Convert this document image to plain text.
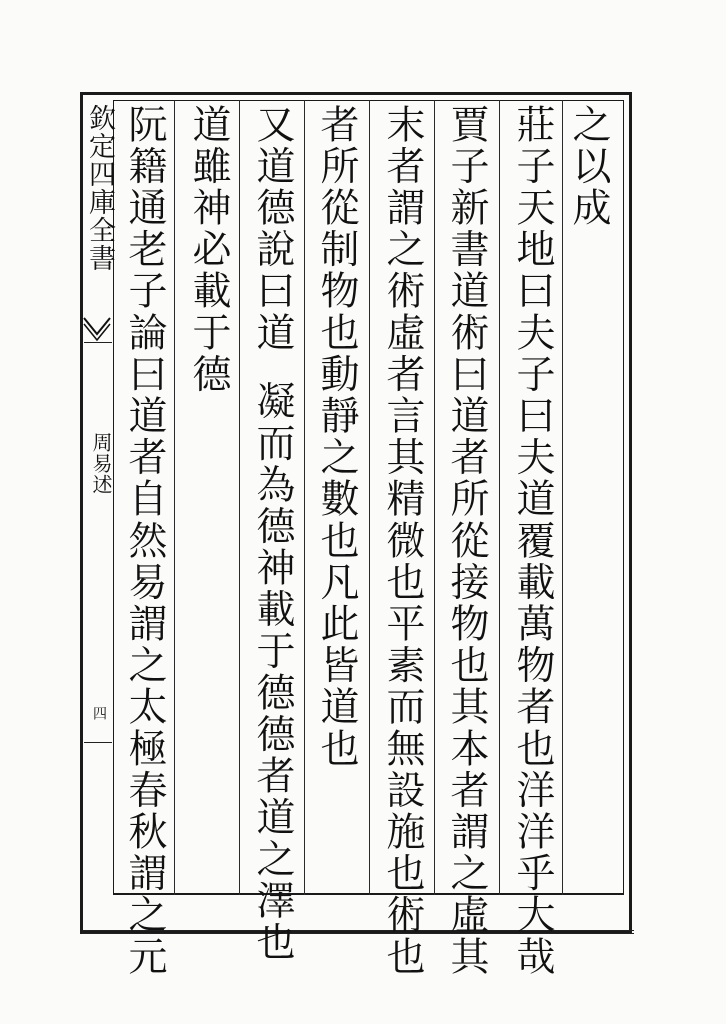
欽定四庫全書
周易述
四
之以成
莊子天地曰夫子曰夫道覆載萬物者也洋洋乎大哉
賈子新書道術曰道者所從接物也其本者謂之虛其
末者謂之術虛者言其精微也平素而無設施也術也
者所從制物也動靜之數也凡此皆道也
又道德說曰道凝而為德神載于德德者道之澤也
道雖神必載于德
阮籍通老子論曰道者自然易謂之太極春秋謂之元
